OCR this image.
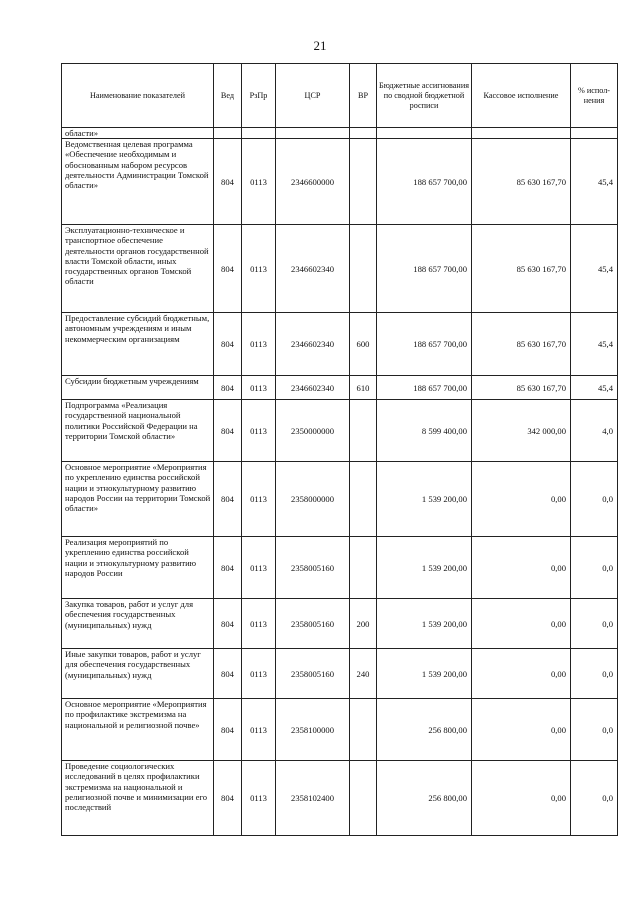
21
Наименование показателей	Вед	РзПр	ЦСР	ВР	Бюджетные ассигнования по сводной бюджетной росписи	Кассовое исполнение	% испол-нения
области»							
Ведомственная целевая программа «Обеспечение необходимым и обоснованным набором ресурсов деятельности Администрации Томской области»	804	0113	2346600000		188 657 700,00	85 630 167,70	45,4
Эксплуатационно-техническое и транспортное обеспечение деятельности органов государственной власти Томской области, иных государственных органов Томской области	804	0113	2346602340		188 657 700,00	85 630 167,70	45,4
Предоставление субсидий бюджетным, автономным учреждениям и иным некоммерческим организациям	804	0113	2346602340	600	188 657 700,00	85 630 167,70	45,4
Субсидии бюджетным учреждениям	804	0113	2346602340	610	188 657 700,00	85 630 167,70	45,4
Подпрограмма «Реализация государственной национальной политики Российской Федерации на территории Томской области»	804	0113	2350000000		8 599 400,00	342 000,00	4,0
Основное мероприятие «Мероприятия по укреплению единства российской нации и этнокультурному развитию народов России на территории Томской области»	804	0113	2358000000		1 539 200,00	0,00	0,0
Реализация мероприятий по укреплению единства российской нации и этнокультурному развитию народов России	804	0113	2358005160		1 539 200,00	0,00	0,0
Закупка товаров, работ и услуг для обеспечения государственных (муниципальных) нужд	804	0113	2358005160	200	1 539 200,00	0,00	0,0
Иные закупки товаров, работ и услуг для обеспечения государственных (муниципальных) нужд	804	0113	2358005160	240	1 539 200,00	0,00	0,0
Основное мероприятие «Мероприятия по профилактике экстремизма на национальной и религиозной почве»	804	0113	2358100000		256 800,00	0,00	0,0
Проведение социологических исследований в целях профилактики экстремизма на национальной и религиозной почве и минимизации его последствий	804	0113	2358102400		256 800,00	0,00	0,0
